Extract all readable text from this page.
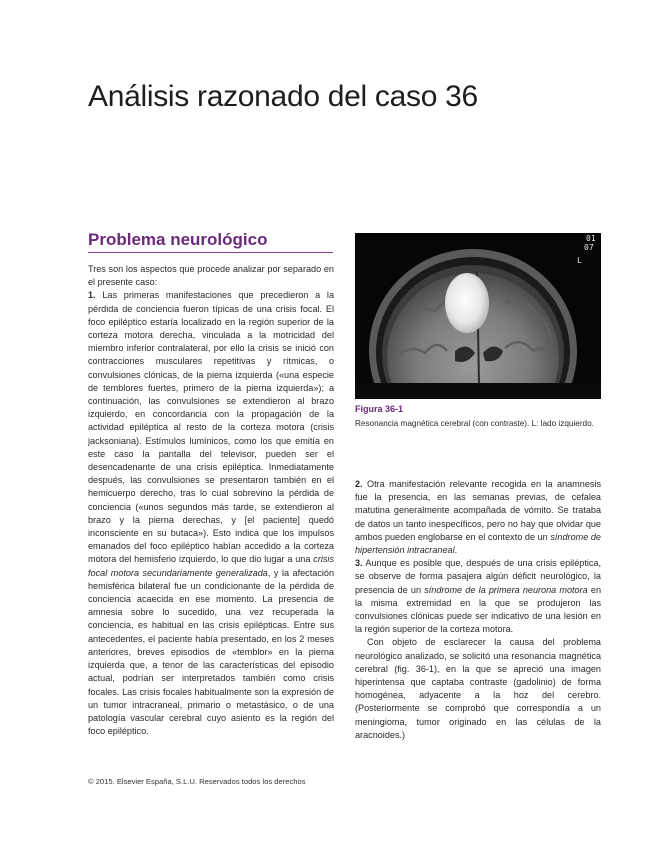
Análisis razonado del caso 36
Problema neurológico

Tres son los aspectos que procede analizar por separado en el presente caso:

1. Las primeras manifestaciones que precedieron a la pérdida de conciencia fueron típicas de una crisis focal. El foco epiléptico estaría localizado en la región superior de la corteza motora derecha, vinculada a la motricidad del miembro inferior contralateral, por ello la crisis se inició con contracciones musculares repetitivas y rítmicas, o convulsiones clónicas, de la pierna izquierda («una especie de temblores fuertes, primero de la pierna izquierda»); a continuación, las convulsiones se extendieron al brazo izquierdo, en concordancia con la propagación de la actividad epiléptica al resto de la corteza motora (crisis jacksoniana). Estímulos lumínicos, como los que emitía en este caso la pantalla del televisor, pueden ser el desencadenante de una crisis epiléptica. Inmediatamente después, las convulsiones se presentaron también en el hemicuerpo derecho, tras lo cual sobrevino la pérdida de conciencia («unos segundos más tarde, se extendieron al brazo y la pierna derechas, y [el paciente] quedó inconsciente en su butaca»). Esto indica que los impulsos emanados del foco epiléptico habían accedido a la corteza motora del hemisferio izquierdo, lo que dio lugar a una crisis focal motora secundariamente generalizada, y la afectación hemisférica bilateral fue un condicionante de la pérdida de conciencia acaecida en ese momento. La presencia de amnesia sobre lo sucedido, una vez recuperada la conciencia, es habitual en las crisis epilépticas. Entre sus antecedentes, el paciente había presentado, en los 2 meses anteriores, breves episodios de «temblor» en la pierna izquierda que, a tenor de las características del episodio actual, podrían ser interpretados también como crisis focales. Las crisis focales habitualmente son la expresión de un tumor intracraneal, primario o metastásico, o de una patología vascular cerebral cuyo asiento es la región del foco epiléptico.

01
07
L
Figura 36-1
Resonancia magnética cerebral (con contraste). L: lado izquierdo.

2. Otra manifestación relevante recogida en la anamnesis fue la presencia, en las semanas previas, de cefalea matutina generalmente acompañada de vómito. Se trataba de datos un tanto inespecíficos, pero no hay que olvidar que ambos pueden englobarse en el contexto de un síndrome de hipertensión intracraneal.

3. Aunque es posible que, después de una crisis epiléptica, se observe de forma pasajera algún déficit neurológico, la presencia de un síndrome de la primera neurona motora en la misma extremidad en la que se produjeron las convulsiones clónicas puede ser indicativo de una lesión en la región superior de la corteza motora.

Con objeto de esclarecer la causa del problema neurológico analizado, se solicitó una resonancia magnética cerebral (fig. 36-1), en la que se apreció una imagen hiperintensa que captaba contraste (gadolinio) de forma homogénea, adyacente a la hoz del cerebro. (Posteriormente se comprobó que correspondía a un meningioma, tumor originado en las células de la aracnoides.)

© 2015. Elsevier España, S.L.U. Reservados todos los derechos
